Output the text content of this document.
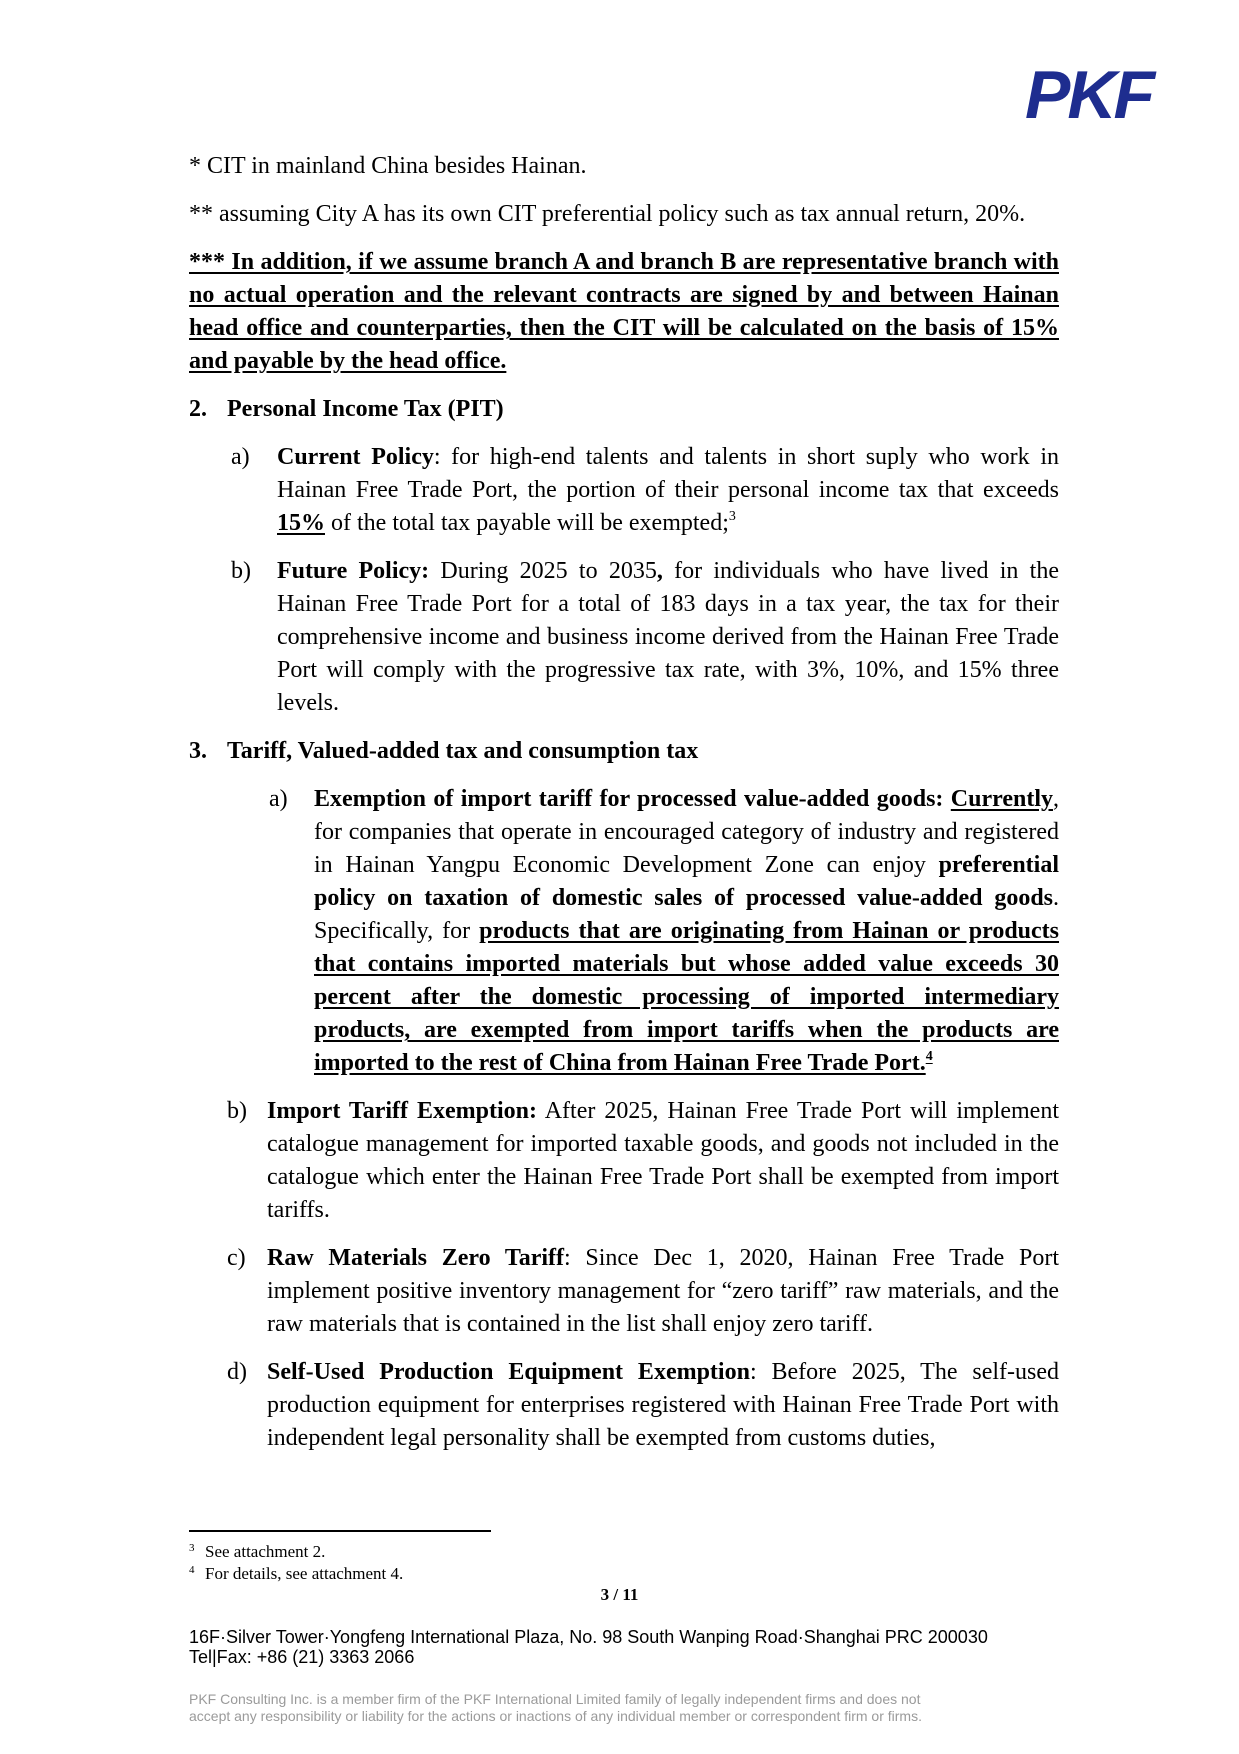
PKF

* CIT in mainland China besides Hainan.

** assuming City A has its own CIT preferential policy such as tax annual return, 20%.

*** In addition, if we assume branch A and branch B are representative branch with no actual operation and the relevant contracts are signed by and between Hainan head office and counterparties, then the CIT will be calculated on the basis of 15% and payable by the head office.

2. Personal Income Tax (PIT)
a)	Current Policy: for high-end talents and talents in short suply who work in Hainan Free Trade Port, the portion of their personal income tax that exceeds 15% of the total tax payable will be exempted;$^3$
b)	Future Policy: During 2025 to 2035, for individuals who have lived in the Hainan Free Trade Port for a total of 183 days in a tax year, the tax for their comprehensive income and business income derived from the Hainan Free Trade Port will comply with the progressive tax rate, with 3%, 10%, and 15% three levels.
3. Tariff, Valued-added tax and consumption tax
a)	Exemption of import tariff for processed value-added goods: Currently, for companies that operate in encouraged category of industry and registered in Hainan Yangpu Economic Development Zone can enjoy preferential policy on taxation of domestic sales of processed value-added goods. Specifically, for products that are originating from Hainan or products that contains imported materials but whose added value exceeds 30 percent after the domestic processing of imported intermediary products, are exempted from import tariffs when the products are imported to the rest of China from Hainan Free Trade Port.$^4$
b) Import Tariff Exemption: After 2025, Hainan Free Trade Port will implement catalogue management for imported taxable goods, and goods not included in the catalogue which enter the Hainan Free Trade Port shall be exempted from import tariffs.
c) Raw Materials Zero Tariff: Since Dec 1, 2020, Hainan Free Trade Port implement positive inventory management for “zero tariff” raw materials, and the raw materials that is contained in the list shall enjoy zero tariff.
d) Self-Used Production Equipment Exemption: Before 2025, The self-used production equipment for enterprises registered with Hainan Free Trade Port with independent legal personality shall be exempted from customs duties,
3 See attachment 2.
4 For details, see attachment 4.
3 / 11
16F·Silver Tower·Yongfeng International Plaza, No. 98 South Wanping Road·Shanghai PRC 200030
Tel|Fax: +86 (21) 3363 2066
PKF Consulting Inc. is a member firm of the PKF International Limited family of legally independent firms and does not
accept any responsibility or liability for the actions or inactions of any individual member or correspondent firm or firms.
